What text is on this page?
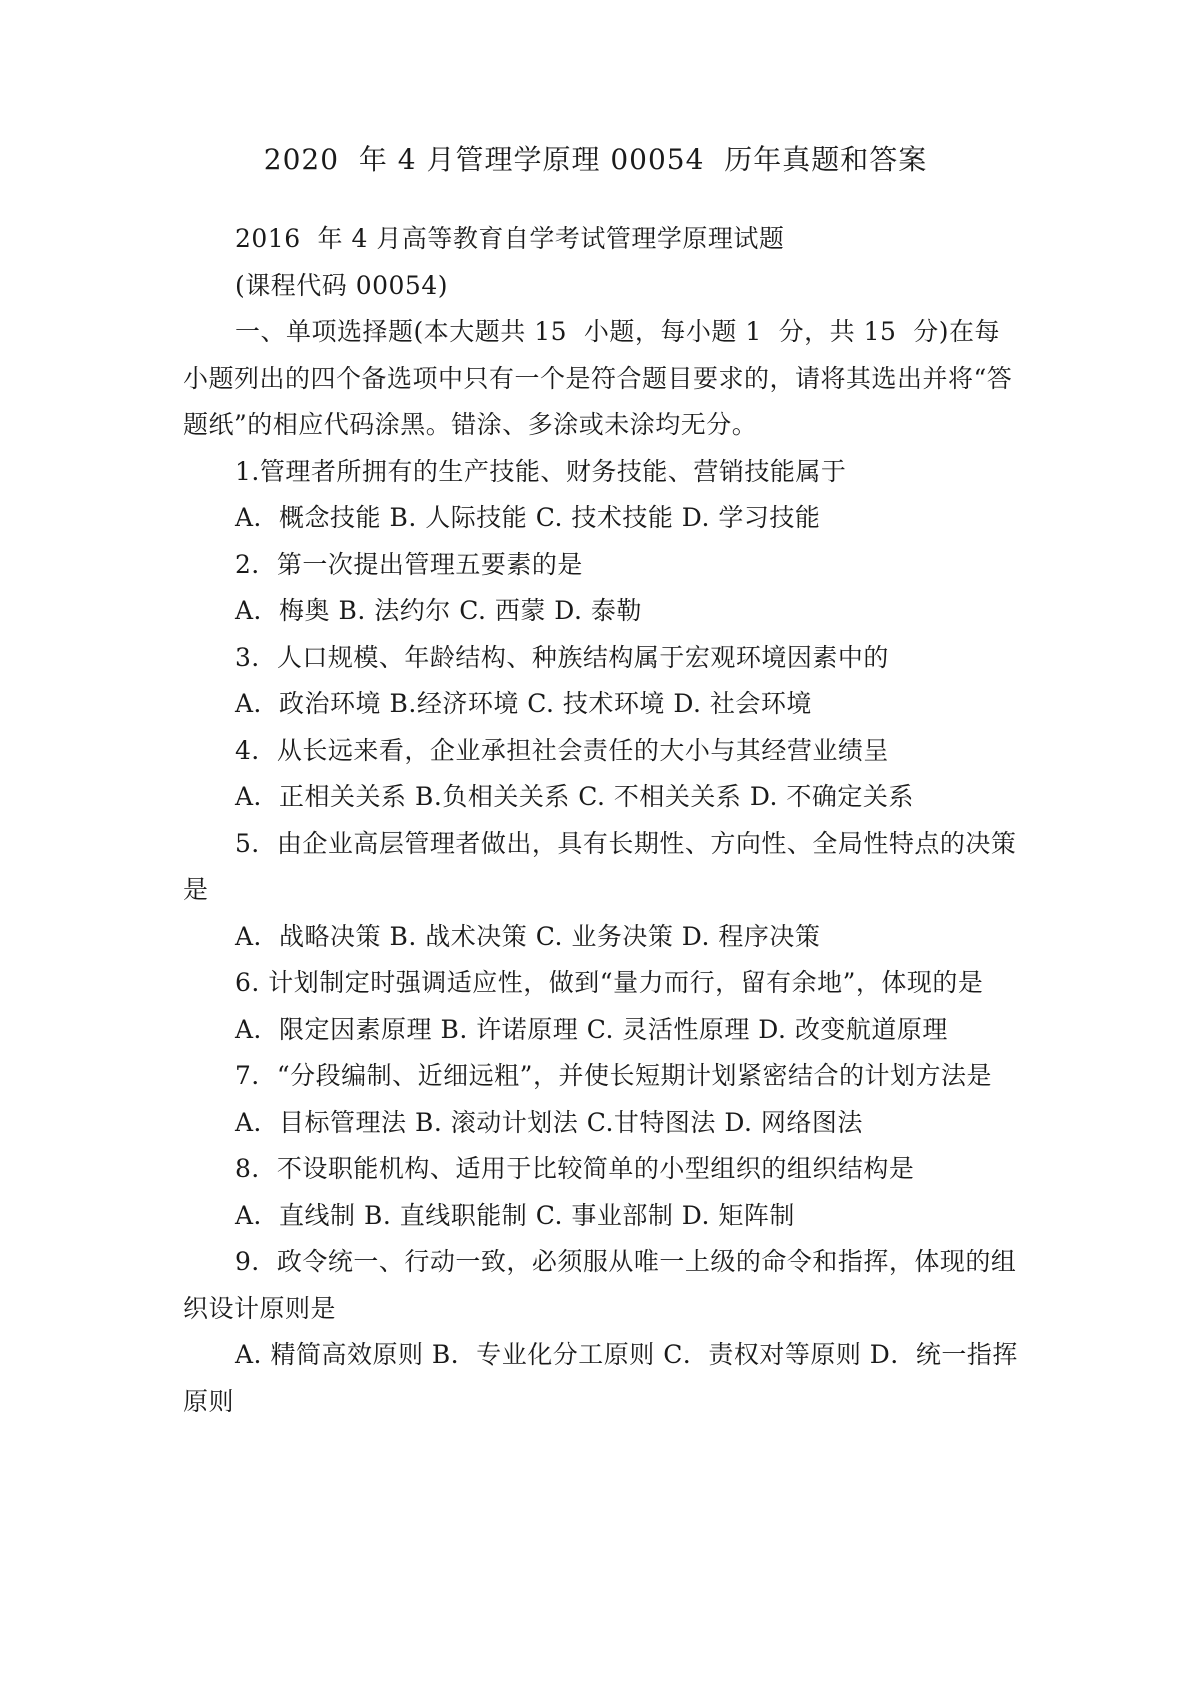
2020  年 4 月管理学原理 00054  历年真题和答案

2016  年 4 月高等教育自学考试管理学原理试题

(课程代码 00054)

一、单项选择题(本大题共 15  小题，每小题 1  分，共 15  分)在每小题列出的四个备选项中只有一个是符合题目要求的，请将其选出并将“答题纸”的相应代码涂黑。错涂、多涂或未涂均无分。

1.管理者所拥有的生产技能、财务技能、营销技能属于

A．概念技能 B. 人际技能 C. 技术技能 D. 学习技能

2．第一次提出管理五要素的是

A．梅奥 B. 法约尔 C. 西蒙 D. 泰勒

3．人口规模、年龄结构、种族结构属于宏观环境因素中的

A．政治环境 B.经济环境 C. 技术环境 D. 社会环境

4．从长远来看，企业承担社会责任的大小与其经营业绩呈

A．正相关关系 B.负相关关系 C. 不相关关系 D. 不确定关系

5．由企业高层管理者做出，具有长期性、方向性、全局性特点的决策是

A．战略决策 B. 战术决策 C. 业务决策 D. 程序决策

6. 计划制定时强调适应性，做到“量力而行，留有余地”，体现的是

A．限定因素原理 B. 许诺原理 C. 灵活性原理 D. 改变航道原理

7．“分段编制、近细远粗”，并使长短期计划紧密结合的计划方法是

A．目标管理法 B. 滚动计划法 C.甘特图法 D. 网络图法

8．不设职能机构、适用于比较简单的小型组织的组织结构是

A．直线制 B. 直线职能制 C. 事业部制 D. 矩阵制

9．政令统一、行动一致，必须服从唯一上级的命令和指挥，体现的组织设计原则是

A. 精简高效原则 B．专业化分工原则 C．责权对等原则 D．统一指挥原则
